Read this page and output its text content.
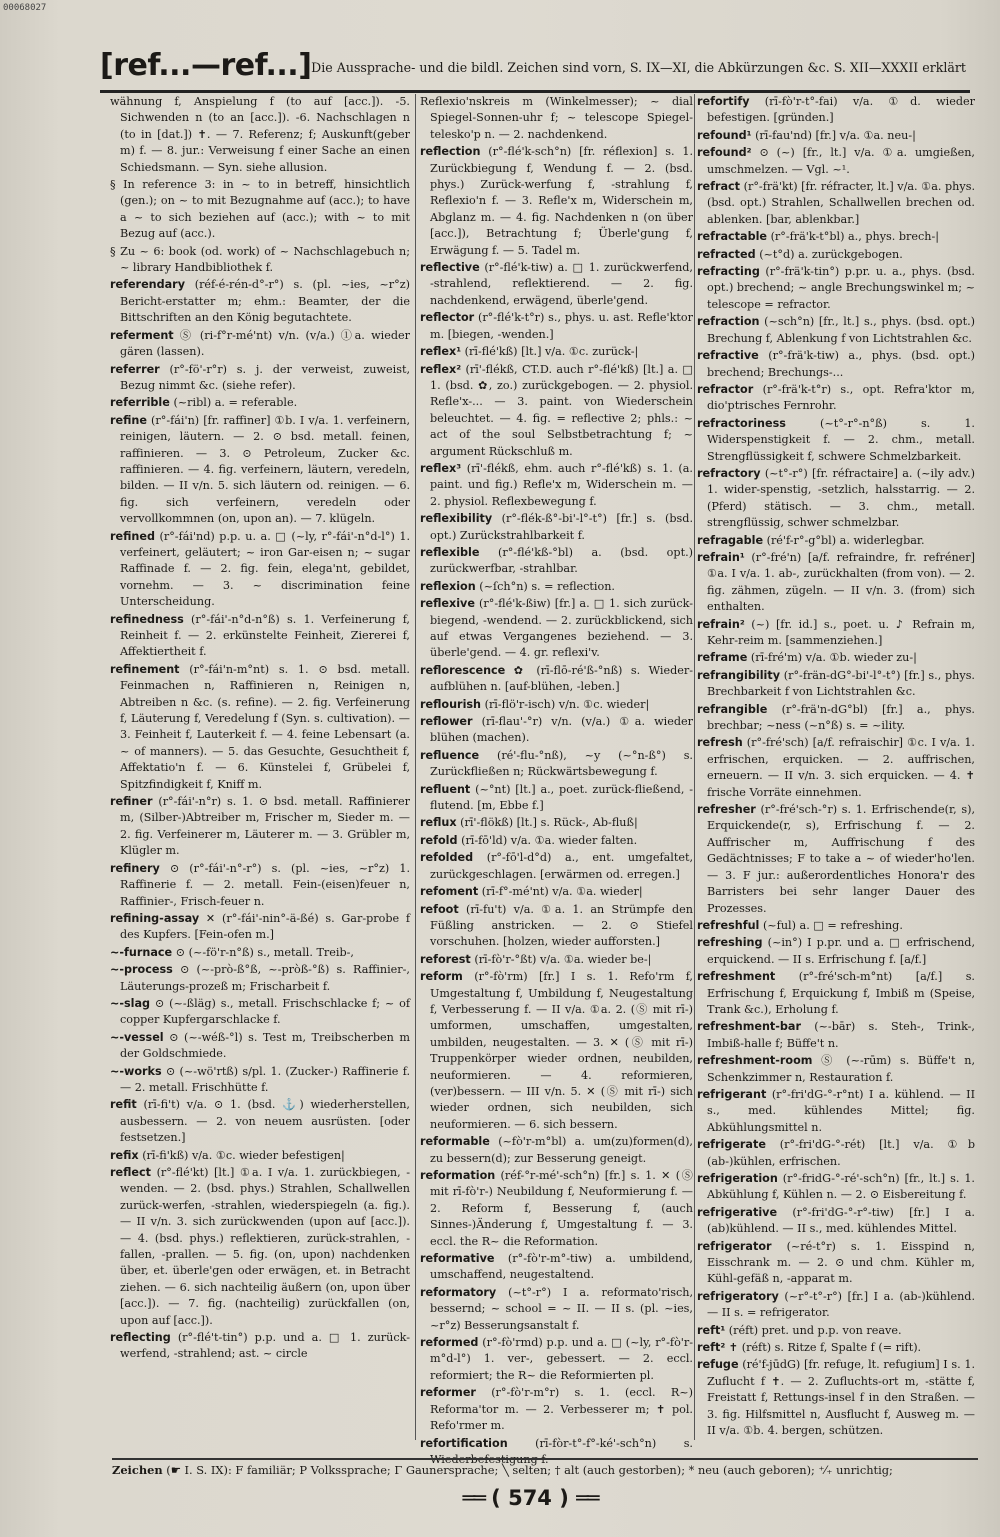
00068027
[ref...—ref...] Die Aussprache- und die bildl. Zeichen sind vorn, S. IX—XI, die Abkürzungen &c. S. XII—XXXII erklärt

wähnung f, Anspielung f (to auf [acc.]). -5. Sichwenden n (to an [acc.]). -6. Nachschlagen n (to in [dat.]) ✝. — 7. Referenz; f; Auskunft(geber m) f. — 8. jur.: Verweisung f einer Sache an einen Schiedsmann. — Syn. siehe allusion.

§ In reference 3: in ~ to in betreff, hinsichtlich (gen.); on ~ to mit Bezugnahme auf (acc.); to have a ~ to sich beziehen auf (acc.); with ~ to mit Bezug auf (acc.).

§ Zu ~ 6: book (od. work) of ~ Nachschlagebuch n; ~ library Handbibliothek f.

referendary (réf-é-rén-d°-r°) s. (pl. ~ies, ~r°z) Bericht-erstatter m; ehm.: Beamter, der die Bittschriften an den König begutachtete.

referment Ⓢ (ri-f°r-mé'nt) v/n. (v/a.) ①a. wieder gären (lassen).

referrer (r°-fö'-r°r) s. j. der verweist, zuweist, Bezug nimmt &c. (siehe refer).

referrible (~ribl) a. = referable.

refine (r°-fái'n) [fr. raffiner] ①b. I v/a. 1. verfeinern, reinigen, läutern. — 2. ⊙ bsd. metall. feinen, raffinieren. — 3. ⊙ Petroleum, Zucker &c. raffinieren. — 4. fig. verfeinern, läutern, veredeln, bilden. — II v/n. 5. sich läutern od. reinigen. — 6. fig. sich verfeinern, veredeln oder vervollkommnen (on, upon an). — 7. klügeln.

refined (r°-fái'nd) p.p. u. a. □ (~ly, r°-fái'-n°d-l°) 1. verfeinert, geläutert; ~ iron Gar-eisen n; ~ sugar Raffinade f. — 2. fig. fein, elega'nt, gebildet, vornehm. — 3. ~ discrimination feine Unterscheidung.

refinedness (r°-fái'-n°d-n°ß) s. 1. Verfeinerung f, Reinheit f. — 2. erkünstelte Feinheit, Ziererei f, Affektiertheit f.

refinement (r°-fái'n-m°nt) s. 1. ⊙ bsd. metall. Feinmachen n, Raffinieren n, Reinigen n, Abtreiben n &c. (s. refine). — 2. fig. Verfeinerung f, Läuterung f, Veredelung f (Syn. s. cultivation). — 3. Feinheit f, Lauterkeit f. — 4. feine Lebensart (a. ~ of manners). — 5. das Gesuchte, Gesuchtheit f, Affektatio'n f. — 6. Künstelei f, Grübelei f, Spitzfindigkeit f, Kniff m.

refiner (r°-fái'-n°r) s. 1. ⊙ bsd. metall. Raffinierer m, (Silber-)Abtreiber m, Frischer m, Sieder m. — 2. fig. Verfeinerer m, Läuterer m. — 3. Grübler m, Klügler m.

refinery ⊙ (r°-fái'-n°-r°) s. (pl. ~ies, ~r°z) 1. Raffinerie f. — 2. metall. Fein-(eisen)feuer n, Raffinier-, Frisch-feuer n.

refining-assay ✕ (r°-fái'-nin°-ä-ßé) s. Gar-probe f des Kupfers. [Fein-ofen m.]

~-furnace ⊙ (~-fö'r-n°ß) s., metall. Treib-,

~-process ⊙ (~-prò-ß°ß, ~-pròß-°ß) s. Raffinier-, Läuterungs-prozeß m; Frischarbeit f.

~-slag ⊙ (~-ßläg) s., metall. Frischschlacke f; ~ of copper Kupfergarschlacke f.

~-vessel ⊙ (~-wéß-°l) s. Test m, Treibscherben m der Goldschmiede.

~-works ⊙ (~-wö'rtß) s/pl. 1. (Zucker-) Raffinerie f. — 2. metall. Frischhütte f.

refit (rī-fi't) v/a. ⊙ 1. (bsd. ⚓) wiederherstellen, ausbessern. — 2. von neuem ausrüsten. [oder festsetzen.]

refix (rī-fi'kß) v/a. ①c. wieder befestigen|

reflect (r°-flé'kt) [lt.] ①a. I v/a. 1. zurückbiegen, -wenden. — 2. (bsd. phys.) Strahlen, Schallwellen zurück-werfen, -strahlen, wiederspiegeln (a. fig.). — II v/n. 3. sich zurückwenden (upon auf [acc.]). — 4. (bsd. phys.) reflektieren, zurück-strahlen, -fallen, -prallen. — 5. fig. (on, upon) nachdenken über, et. überle'gen oder erwägen, et. in Betracht ziehen. — 6. sich nachteilig äußern (on, upon über [acc.]). — 7. fig. (nachteilig) zurückfallen (on, upon auf [acc.]).

reflecting (r°-flé't-tin°) p.p. und a. □ 1. zurück-werfend, -strahlend; ast. ~ circle

Reflexio'nskreis m (Winkelmesser); ~ dial Spiegel-Sonnen-uhr f; ~ telescope Spiegel-telesko'p n. — 2. nachdenkend.

reflection (r°-flé'k-sch°n) [fr. réflexion] s. 1. Zurückbiegung f, Wendung f. — 2. (bsd. phys.) Zurück-werfung f, -strahlung f, Reflexio'n f. — 3. Refle'x m, Widerschein m, Abglanz m. — 4. fig. Nachdenken n (on über [acc.]), Betrachtung f; Überle'gung f, Erwägung f. — 5. Tadel m.

reflective (r°-flé'k-tiw) a. □ 1. zurückwerfend, -strahlend, reflektierend. — 2. fig. nachdenkend, erwägend, überle'gend.

reflector (r°-flé'k-t°r) s., phys. u. ast. Refle'ktor m. [biegen, -wenden.]

reflex¹ (rī-flé'kß) [lt.] v/a. ①c. zurück-|

reflex² (rī'-flékß, CT.D. auch r°-flé'kß) [lt.] a. □ 1. (bsd. ✿, zo.) zurückgebogen. — 2. physiol. Refle'x-... — 3. paint. von Wiederschein beleuchtet. — 4. fig. = reflective 2; phls.: ~ act of the soul Selbstbetrachtung f; ~ argument Rückschluß m.

reflex³ (rī'-flékß, ehm. auch r°-flé'kß) s. 1. (a. paint. und fig.) Refle'x m, Widerschein m. — 2. physiol. Reflexbewegung f.

reflexibility (r°-flék-ß°-bi'-l°-t°) [fr.] s. (bsd. opt.) Zurückstrahlbarkeit f.

reflexible (r°-flé'kß-°bl) a. (bsd. opt.) zurückwerfbar, -strahlbar.

reflexion (~ſch°n) s. = reflection.

reflexive (r°-flé'k-ßiw) [fr.] a. □ 1. sich zurück-biegend, -wendend. — 2. zurückblickend, sich auf etwas Vergangenes beziehend. — 3. überle'gend. — 4. gr. reflexi'v.

reflorescence ✿ (rī-flō-ré'ß-°nß) s. Wieder-aufblühen n. [auf-blühen, -leben.]

reflourish (rī-flö'r-isch) v/n. ①c. wieder|

reflower (rī-flau'-°r) v/n. (v/a.) ①a. wieder blühen (machen).

refluence (ré'-flu-°nß), ~y (~°n-ß°) s. Zurückfließen n; Rückwärtsbewegung f.

refluent (~°nt) [lt.] a., poet. zurück-fließend, -flutend. [m, Ebbe f.]

reflux (rī'-flökß) [lt.] s. Rück-, Ab-fluß|

refold (rī-fō'ld) v/a. ①a. wieder falten.

refolded (r°-fō'l-d°d) a., ent. umgefaltet, zurückgeschlagen. [erwärmen od. erregen.]

refoment (rī-f°-mé'nt) v/a. ①a. wieder|

refoot (rī-fu't) v/a. ①a. 1. an Strümpfe den Füßling anstricken. — 2. ⊙ Stiefel vorschuhen. [holzen, wieder aufforsten.]

reforest (rī-fò'r-°ßt) v/a. ①a. wieder be-|

reform (r°-fò'rm) [fr.] I s. 1. Refo'rm f, Umgestaltung f, Umbildung f, Neugestaltung f, Verbesserung f. — II v/a. ①a. 2. (Ⓢ mit rī-) umformen, umschaffen, umgestalten, umbilden, neugestalten. — 3. ✕ (Ⓢ mit rī-) Truppenkörper wieder ordnen, neubilden, neuformieren. — 4. reformieren, (ver)bessern. — III v/n. 5. ✕ (Ⓢ mit rī-) sich wieder ordnen, sich neubilden, sich neuformieren. — 6. sich bessern.

reformable (~fò'r-m°bl) a. um(zu)formen(d), zu bessern(d); zur Besserung geneigt.

reformation (réf-°r-mé'-sch°n) [fr.] s. 1. ✕ (Ⓢ mit rī-fò'r-) Neubildung f, Neuformierung f. — 2. Reform f, Besserung f, (auch Sinnes-)Änderung f, Umgestaltung f. — 3. eccl. the R~ die Reformation.

reformative (r°-fò'r-m°-tiw) a. umbildend, umschaffend, neugestaltend.

reformatory (~t°-r°) I a. reformato'risch, bessernd; ~ school = ~ II. — II s. (pl. ~ies, ~r°z) Besserungsanstalt f.

reformed (r°-fò'rmd) p.p. und a. □ (~ly, r°-fò'r-m°d-l°) 1. ver-, gebessert. — 2. eccl. reformiert; the R~ die Reformierten pl.

reformer (r°-fò'r-m°r) s. 1. (eccl. R~) Reforma'tor m. — 2. Verbesserer m; ✝ pol. Refo'rmer m.

refortification (rī-fòr-t°-f°-ké'-sch°n) s. Wiederbefestigung f.

refortify (rī-fò'r-t°-fai) v/a. ①d. wieder befestigen. [gründen.]

refound¹ (rī-fau'nd) [fr.] v/a. ①a. neu-|

refound² ⊙ (~) [fr., lt.] v/a. ①a. umgießen, umschmelzen. — Vgl. ~¹.

refract (r°-frä'kt) [fr. réfracter, lt.] v/a. ①a. phys. (bsd. opt.) Strahlen, Schallwellen brechen od. ablenken. [bar, ablenkbar.]

refractable (r°-frä'k-t°bl) a., phys. brech-|

refracted (~t°d) a. zurückgebogen.

refracting (r°-frä'k-tin°) p.pr. u. a., phys. (bsd. opt.) brechend; ~ angle Brechungswinkel m; ~ telescope = refractor.

refraction (~sch°n) [fr., lt.] s., phys. (bsd. opt.) Brechung f, Ablenkung f von Lichtstrahlen &c.

refractive (r°-frä'k-tiw) a., phys. (bsd. opt.) brechend; Brechungs-...

refractor (r°-frä'k-t°r) s., opt. Refra'ktor m, dio'ptrisches Fernrohr.

refractoriness	(~t°-r°-n°ß) s. 1. Widerspenstigkeit f. — 2. chm., metall. Strengflüssigkeit f, schwere Schmelzbarkeit.

refractory (~t°-r°) [fr. réfractaire] a. (~ily adv.) 1. wider-spenstig, -setzlich, halsstarrig. — 2. (Pferd) stätisch. — 3. chm., metall. strengflüssig, schwer schmelzbar.

refragable (ré'f-r°-g°bl) a. widerlegbar.

refrain¹ (r°-fré'n) [a/f. refraindre, fr. refréner] ①a. I v/a. 1. ab-, zurückhalten (from von). — 2. fig. zähmen, zügeln. — II v/n. 3. (from) sich enthalten.

refrain² (~) [fr. id.] s., poet. u. ♪ Refrain m, Kehr-reim m. [sammenziehen.]

reframe (rī-fré'm) v/a. ①b. wieder zu-|

refrangibility (r°-frän-dG°-bi'-l°-t°) [fr.] s., phys. Brechbarkeit f von Lichtstrahlen &c.

refrangible (r°-frä'n-dG°bl) [fr.] a., phys. brechbar; ~ness (~n°ß) s. = ~ility.

refresh (r°-fré'sch) [a/f. refraischir] ①c. I v/a. 1. erfrischen, erquicken. — 2. auffrischen, erneuern. — II v/n. 3. sich erquicken. — 4. ✝ frische Vorräte einnehmen.

refresher (r°-fré'sch-°r) s. 1. Erfrischende(r, s), Erquickende(r, s), Erfrischung f. — 2. Auffrischer m, Auffrischung f des Gedächtnisses; F to take a ~ of wieder'ho'len. — 3. F jur.: außerordentliches Honora'r des Barristers bei sehr langer Dauer des Prozesses.

refreshful (~ful) a. □ = refreshing.

refreshing (~in°) I p.pr. und a. □ erfrischend, erquickend. — II s. Erfrischung f. [a/f.]

refreshment (r°-fré'sch-m°nt) [a/f.] s. Erfrischung f, Erquickung f, Imbiß m (Speise, Trank &c.), Erholung f.

refreshment-bar (~-bār) s. Steh-, Trink-, Imbiß-halle f; Büffe't n.

refreshment-room Ⓢ (~-rūm) s. Büffe't n, Schenkzimmer n, Restauration f.

refrigerant (r°-fri'dG-°-r°nt) I a. kühlend. — II s., med. kühlendes Mittel; fig. Abkühlungsmittel n.

refrigerate (r°-fri'dG-°-rét) [lt.] v/a. ①b (ab-)kühlen, erfrischen.

refrigeration (r°-fridG-°-ré'-sch°n) [fr., lt.] s. 1. Abkühlung f, Kühlen n. — 2. ⊙ Eisbereitung f.

refrigerative (r°-fri'dG-°-r°-tiw) [fr.] I a. (ab)kühlend. — II s., med. kühlendes Mittel.

refrigerator (~ré-t°r) s. 1. Eisspind n, Eisschrank m. — 2. ⊙ und chm. Kühler m, Kühl-gefäß n, -apparat m.

refrigeratory (~r°-t°-r°) [fr.] I a. (ab-)kühlend. — II s. = refrigerator.

reft¹ (réft) pret. und p.p. von reave.

reft² ✝ (réft) s. Ritze f, Spalte f (= rift).

refuge (ré'f-jūdG) [fr. refuge, lt. refugium] I s. 1. Zuflucht f ✝. — 2. Zufluchts-ort m, -stätte f, Freistatt f, Rettungs-insel f in den Straßen. — 3. fig. Hilfsmittel n, Ausflucht f, Ausweg m. — II v/a. ①b. 4. bergen, schützen.

Zeichen (☛ I. S. IX): F familiär; P Volkssprache; Γ Gaunersprache; ╲ selten; † alt (auch gestorben); * neu (auch geboren); ⁺⁄₊ unrichtig;
══ ( 574 ) ══
